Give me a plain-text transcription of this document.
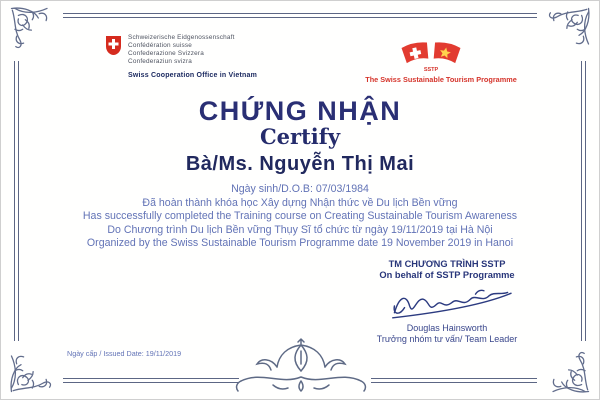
Schweizerische Eidgenossenschaft
Confédération suisse
Confederazione Svizzera
Confederaziun svizra
Swiss Cooperation Office in Vietnam
SSTP
The Swiss Sustainable Tourism Programme
CHỨNG NHẬN
Certify
Bà/Ms. Nguyễn Thị Mai
Ngày sinh/D.O.B: 07/03/1984
Đã hoàn thành khóa học Xây dựng Nhận thức về Du lịch Bền vững
Has successfully completed the Training course on Creating Sustainable Tourism Awareness
Do Chương trình Du lịch Bền vững Thụy Sĩ tổ chức từ ngày 19/11/2019 tại Hà Nội
Organized by the Swiss Sustainable Tourism Programme date 19 November 2019 in Hanoi
TM CHƯƠNG TRÌNH SSTP
On behalf of SSTP Programme
Douglas Hainsworth
Trưởng nhóm tư vấn/ Team Leader
Ngày cấp / Issued Date: 19/11/2019
